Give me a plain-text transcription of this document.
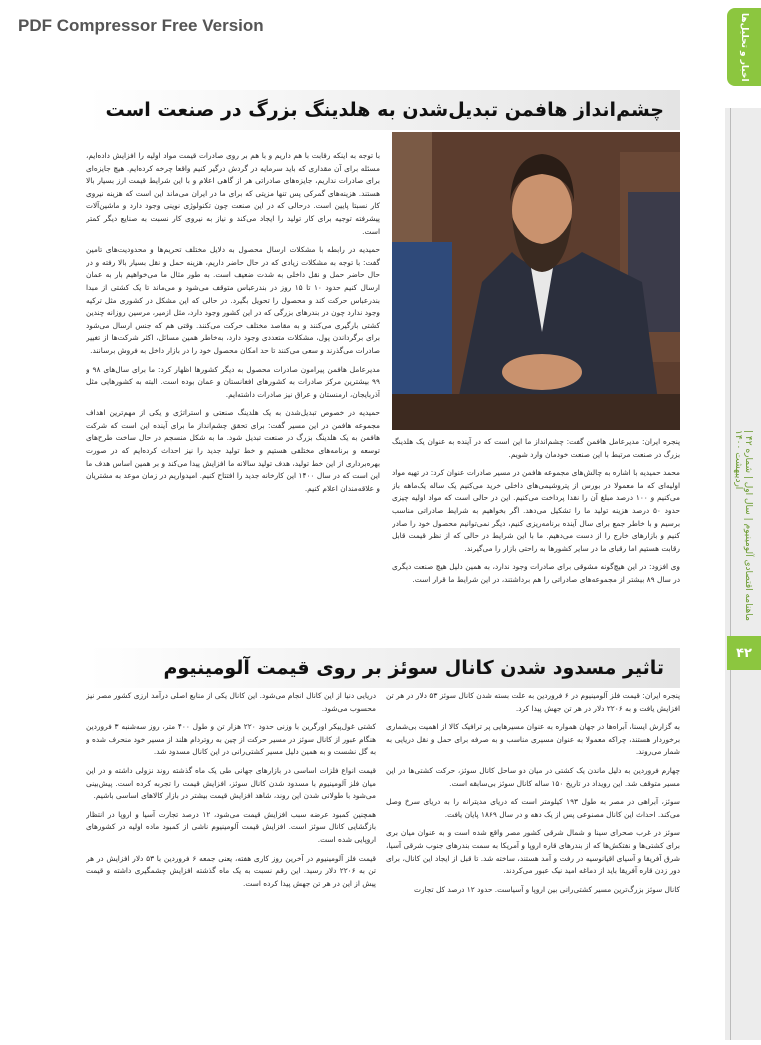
PDF Compressor Free Version	اخبار و تحلیل‌ها
ماهنامه اقتصادی آلومینیوم | سال اول | شماره ۴۲ | اردیبهشت ۱۴۰۰
۴۲
چشم‌انداز هافمن تبدیل‌شدن به هلدینگ بزرگ در صنعت است

با توجه به اینکه رقابت با هم داریم و با هم بر روی صادرات قیمت مواد اولیه را افزایش داده‌ایم، مسئله برای آن مقداری که باید سرمایه در گردش درگیر کنیم واقعا چرخه کرده‌ایم. هیچ جایزه‌ای برای صادرات نداریم، جایزه‌های صادراتی هر از گاهی اعلام و با این شرایط قیمت ارز بسیار بالا هستند. هزینه‌های گمرکی پس تنها مزیتی که برای ما در ایران می‌ماند این است که هزینه نیروی کار نسبتا پایین است. درحالی که در این صنعت چون تکنولوژی نوینی وجود دارد و ماشین‌آلات پیشرفته توجیه برای کار تولید را ایجاد می‌کند و نیاز به نیروی کار نسبت به صنایع دیگر کمتر است.

حمیدیه در رابطه با مشکلات ارسال محصول به دلایل مختلف تحریم‌ها و محدودیت‌های تامین گفت: با توجه به مشکلات زیادی که در حال حاضر داریم، هزینه حمل و نقل بسیار بالا رفته و در حال حاضر حمل و نقل داخلی به شدت ضعیف است. به طور مثال ما می‌خواهیم بار به عمان ارسال کنیم حدود ۱۰ تا ۱۵ روز در بندرعباس متوقف می‌شود و می‌ماند تا یک کشتی از مبدا بندرعباس حرکت کند و محصول را تحویل بگیرد. در حالی که این مشکل در کشوری مثل ترکیه وجود ندارد چون در بندرهای بزرگی که در این کشور وجود دارد، مثل ازمیر، مرسین روزانه چندین کشتی بارگیری می‌کنند و به مقاصد مختلف حرکت می‌کنند. وقتی هم که جنس ارسال می‌شود برای برگرداندن پول، مشکلات متعددی وجود دارد، به‌خاطر همین مسائل، اکثر شرکت‌ها از تغییر صادرات می‌گذرند و سعی می‌کنند تا حد امکان محصول خود را در بازار داخل به فروش برسانند.

مدیرعامل هافمن پیرامون صادرات محصول به دیگر کشورها اظهار کرد: ما برای سال‌های ۹۸ و ۹۹ بیشترین مرکز صادرات به کشورهای افغانستان و عمان بوده است. البته به کشورهایی مثل آذربایجان، ارمنستان و عراق نیز صادرات داشته‌ایم.

حمیدیه در خصوص تبدیل‌شدن به یک هلدینگ صنعتی و استراتژی و یکی از مهم‌ترین اهداف مجموعه هافمن در این مسیر گفت: برای تحقق چشم‌انداز ما برای آینده این است که شرکت هافمن به یک هلدینگ بزرگ در صنعت تبدیل شود. ما به شکل منسجم در حال ساخت طرح‌های توسعه و برنامه‌های مختلفی هستیم و خط تولید جدید را نیز احداث کرده‌ایم که در صورت بهره‌برداری از این خط تولید، هدف تولید سالانه ما افزایش پیدا می‌کند و بر همین اساس هدف ما این است که در سال ۱۴۰۰ این کارخانه جدید را افتتاح کنیم. امیدواریم در زمان موعد به مشتریان و علاقه‌مندان اعلام کنیم.

پنجره ایران: مدیرعامل هافمن گفت: چشم‌انداز ما این است که در آینده به عنوان یک هلدینگ بزرگ در صنعت مرتبط با این صنعت خودمان وارد شویم.

محمد حمیدیه با اشاره به چالش‌های مجموعه هافمن در مسیر صادرات عنوان کرد: در تهیه مواد اولیه‌ای که ما معمولا در بورس از پتروشیمی‌های داخلی خرید می‌کنیم یک ساله یک‌ماهه باز می‌کنیم و ۱۰۰ درصد مبلغ آن را نقدا پرداخت می‌کنیم. این در حالی است که مواد اولیه چیزی حدود ۵۰ درصد هزینه تولید ما را تشکیل می‌دهد. اگر بخواهیم به شرایط صادراتی مناسب برسیم و با خاطر جمع برای سال آینده برنامه‌ریزی کنیم، دیگر نمی‌توانیم محصول خود را صادر کنیم و بازارهای خارج را از دست می‌دهیم. ما با این شرایط در حالی که از نظر قیمت قابل رقابت هستیم اما رقبای ما در سایر کشورها به راحتی بازار را می‌گیرند.

وی افزود: در این هیچ‌گونه مشوقی برای صادرات وجود ندارد، به همین دلیل هیچ صنعت دیگری در سال ۸۹ بیشتر از مجموعه‌های صادراتی را هم برداشتند، در این شرایط ما قرار است.

تاثیر مسدود شدن کانال سوئز بر روی قیمت آلومینیوم

پنجره ایران: قیمت فلز آلومینیوم در ۶ فروردین به علت بسته شدن کانال سوئز ۵۳ دلار در هر تن افزایش یافت و به ۲۲۰۶ دلار در هر تن جهش پیدا کرد.

به گزارش ایسنا، آبراه‌ها در جهان همواره به عنوان مسیرهایی پر ترافیک کالا از اهمیت بی‌شماری برخوردار هستند، چراکه معمولا به عنوان مسیری مناسب و به صرفه برای حمل و نقل دریایی به شمار می‌روند.

چهارم فروردین به دلیل ماندن یک کشتی در میان دو ساحل کانال سوئز، حرکت کشتی‌ها در این مسیر متوقف شد. این رویداد در تاریخ ۱۵۰ ساله کانال سوئز بی‌سابقه است.

سوئز، آبراهی در مصر به طول ۱۹۳ کیلومتر است که دریای مدیترانه را به دریای سرخ وصل می‌کند. احداث این کانال مصنوعی پس از یک دهه و در سال ۱۸۶۹ پایان یافت.

سوئز در غرب صحرای سینا و شمال شرقی کشور مصر واقع شده است و به عنوان میان بری برای کشتی‌ها و نفتکش‌ها که از بندرهای قاره اروپا و آمریکا به سمت بندرهای جنوب شرقی آسیا، شرق آفریقا و آسیای اقیانوسیه در رفت و آمد هستند، ساخته شد. تا قبل از ایجاد این کانال، برای دور زدن قاره آفریقا باید از دماغه امید نیک عبور می‌کردند.

کانال سوئز بزرگ‌ترین مسیر کشتی‌رانی بین اروپا و آسیاست. حدود ۱۲ درصد کل تجارت

دریایی دنیا از این کانال انجام می‌شود. این کانال یکی از منابع اصلی درآمد ارزی کشور مصر نیز محسوب می‌شود.

کشتی غول‌پیکر اورگرین با وزنی حدود ۲۲۰ هزار تن و طول ۴۰۰ متر، روز سه‌شنبه ۳ فروردین هنگام عبور از کانال سوئز در مسیر حرکت از چین به روتردام هلند از مسیر خود منحرف شده و به گل نشست و به همین دلیل مسیر کشتی‌رانی در این کانال مسدود شد.

قیمت انواع فلزات اساسی در بازارهای جهانی طی یک ماه گذشته روند نزولی داشته و در این میان فلز آلومینیوم با مسدود شدن کانال سوئز، افزایش قیمت را تجربه کرده است. پیش‌بینی می‌شود با طولانی شدن این روند، شاهد افزایش قیمت بیشتر در بازار کالاهای اساسی باشیم.

همچنین کمبود عرضه سبب افزایش قیمت می‌شود، ۱۲ درصد تجارت آسیا و اروپا در انتظار بازگشایی کانال سوئز است. افزایش قیمت آلومینیوم ناشی از کمبود ماده اولیه در کشورهای اروپایی شده است.

قیمت فلز آلومینیوم در آخرین روز کاری هفته، یعنی جمعه ۶ فروردین با ۵۳ دلار افزایش در هر تن به ۲۲۰۶ دلار رسید. این رقم نسبت به یک ماه گذشته افزایش چشمگیری داشته و قیمت پیش از این در هر تن جهش پیدا کرده است.
